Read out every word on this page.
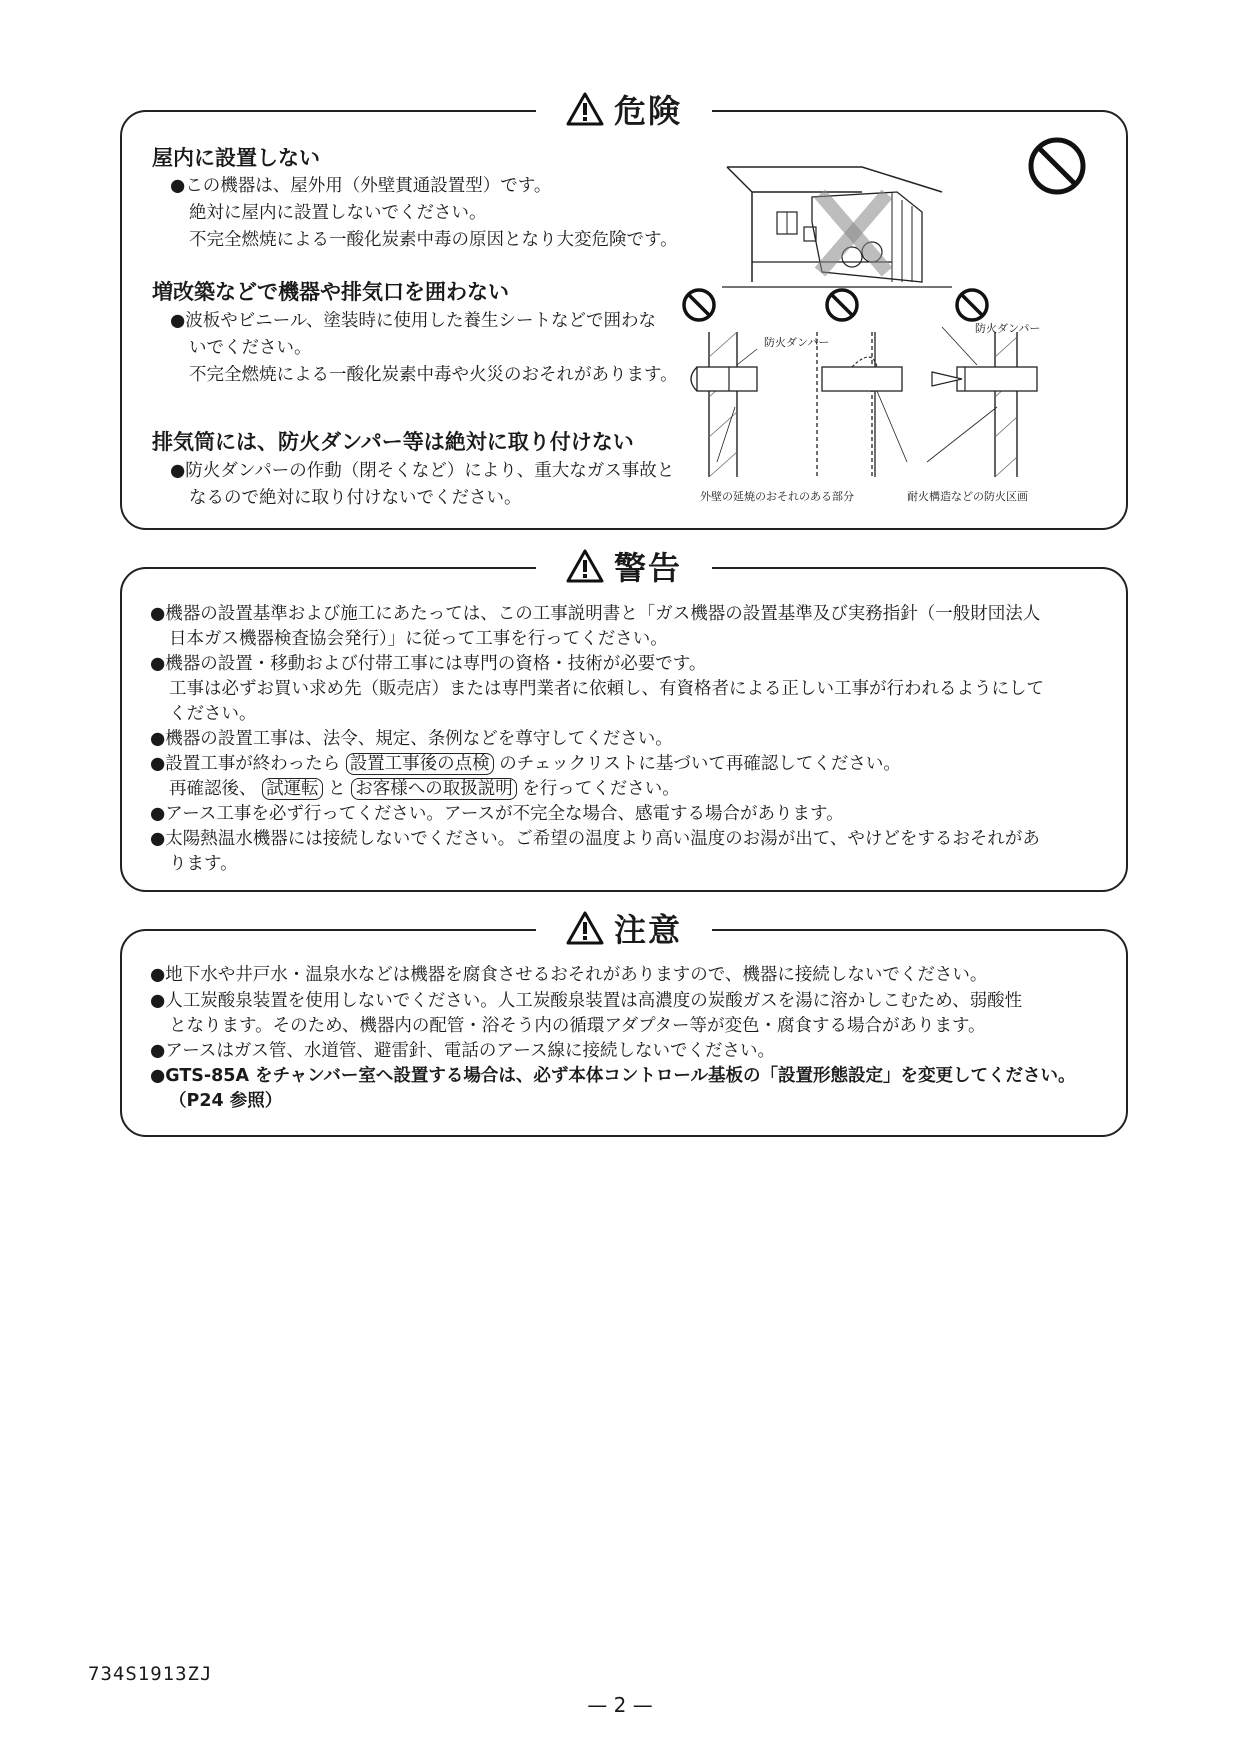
危険
屋内に設置しない
●この機器は、屋外用（外壁貫通設置型）です。
絶対に屋内に設置しないでください。
不完全燃焼による一酸化炭素中毒の原因となり大変危険です。
増改築などで機器や排気口を囲わない
●波板やビニール、塗装時に使用した養生シートなどで囲わな
いでください。
不完全燃焼による一酸化炭素中毒や火災のおそれがあります。
排気筒には、防火ダンパー等は絶対に取り付けない
●防火ダンパーの作動（閉そくなど）により、重大なガス事故と
なるので絶対に取り付けないでください。
防火ダンパー
防火ダンパー
外壁の延焼のおそれのある部分	耐火構造などの防火区画
警告
●機器の設置基準および施工にあたっては、この工事説明書と「ガス機器の設置基準及び実務指針（一般財団法人
日本ガス機器検査協会発行）」に従って工事を行ってください。
●機器の設置・移動および付帯工事には専門の資格・技術が必要です。
工事は必ずお買い求め先（販売店）または専門業者に依頼し、有資格者による正しい工事が行われるようにして
ください。
●機器の設置工事は、法令、規定、条例などを尊守してください。
●設置工事が終わったら 設置工事後の点検 のチェックリストに基づいて再確認してください。
再確認後、 試運転 と お客様への取扱説明 を行ってください。
●アース工事を必ず行ってください。アースが不完全な場合、感電する場合があります。
●太陽熱温水機器には接続しないでください。ご希望の温度より高い温度のお湯が出て、やけどをするおそれがあ
ります。
注意
●地下水や井戸水・温泉水などは機器を腐食させるおそれがありますので、機器に接続しないでください。
●人工炭酸泉装置を使用しないでください。人工炭酸泉装置は高濃度の炭酸ガスを湯に溶かしこむため、弱酸性
となります。そのため、機器内の配管・浴そう内の循環アダプター等が変色・腐食する場合があります。
●アースはガス管、水道管、避雷針、電話のアース線に接続しないでください。
●GTS-85A をチャンバー室へ設置する場合は、必ず本体コントロール基板の「設置形態設定」を変更してください。
（P24 参照）
734S1913ZJ
— 2 —
